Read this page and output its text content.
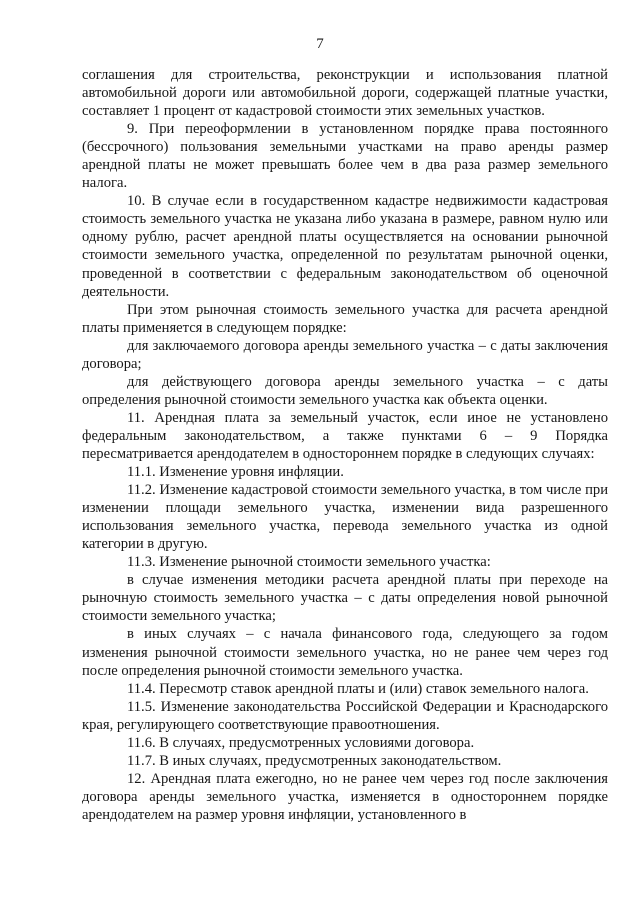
7

соглашения для строительства, реконструкции и использования платной автомобильной дороги или автомобильной дороги, содержащей платные участки, составляет 1 процент от кадастровой стоимости этих земельных участков.

9. При переоформлении в установленном порядке права постоянного (бессрочного) пользования земельными участками на право аренды размер арендной платы не может превышать более чем в два раза размер земельного налога.

10. В случае если в государственном кадастре недвижимости кадастровая стоимость земельного участка не указана либо указана в размере, равном нулю или одному рублю, расчет арендной платы осуществляется на основании рыночной стоимости земельного участка, определенной по результатам рыночной оценки, проведенной в соответствии с федеральным законодательством об оценочной деятельности.

При этом рыночная стоимость земельного участка для расчета арендной платы применяется в следующем порядке:

для заключаемого договора аренды земельного участка – с даты заключения договора;

для действующего договора аренды земельного участка – с даты определения рыночной стоимости земельного участка как объекта оценки.

11. Арендная плата за земельный участок, если иное не установлено федеральным законодательством, а также пунктами 6 – 9 Порядка пересматривается арендодателем в одностороннем порядке в следующих случаях:

11.1. Изменение уровня инфляции.

11.2. Изменение кадастровой стоимости земельного участка, в том числе при изменении площади земельного участка, изменении вида разрешенного использования земельного участка, перевода земельного участка из одной категории в другую.

11.3. Изменение рыночной стоимости земельного участка:

в случае изменения методики расчета арендной платы при переходе на рыночную стоимость земельного участка – с даты определения новой рыночной стоимости земельного участка;

в иных случаях – с начала финансового года, следующего за годом изменения рыночной стоимости земельного участка, но не ранее чем через год после определения рыночной стоимости земельного участка.

11.4. Пересмотр ставок арендной платы и (или) ставок земельного налога.

11.5. Изменение законодательства Российской Федерации и Краснодарского края, регулирующего соответствующие правоотношения.

11.6. В случаях, предусмотренных условиями договора.

11.7. В иных случаях, предусмотренных законодательством.

12. Арендная плата ежегодно, но не ранее чем через год после заключения договора аренды земельного участка, изменяется в одностороннем порядке арендодателем на размер уровня инфляции, установленного в
